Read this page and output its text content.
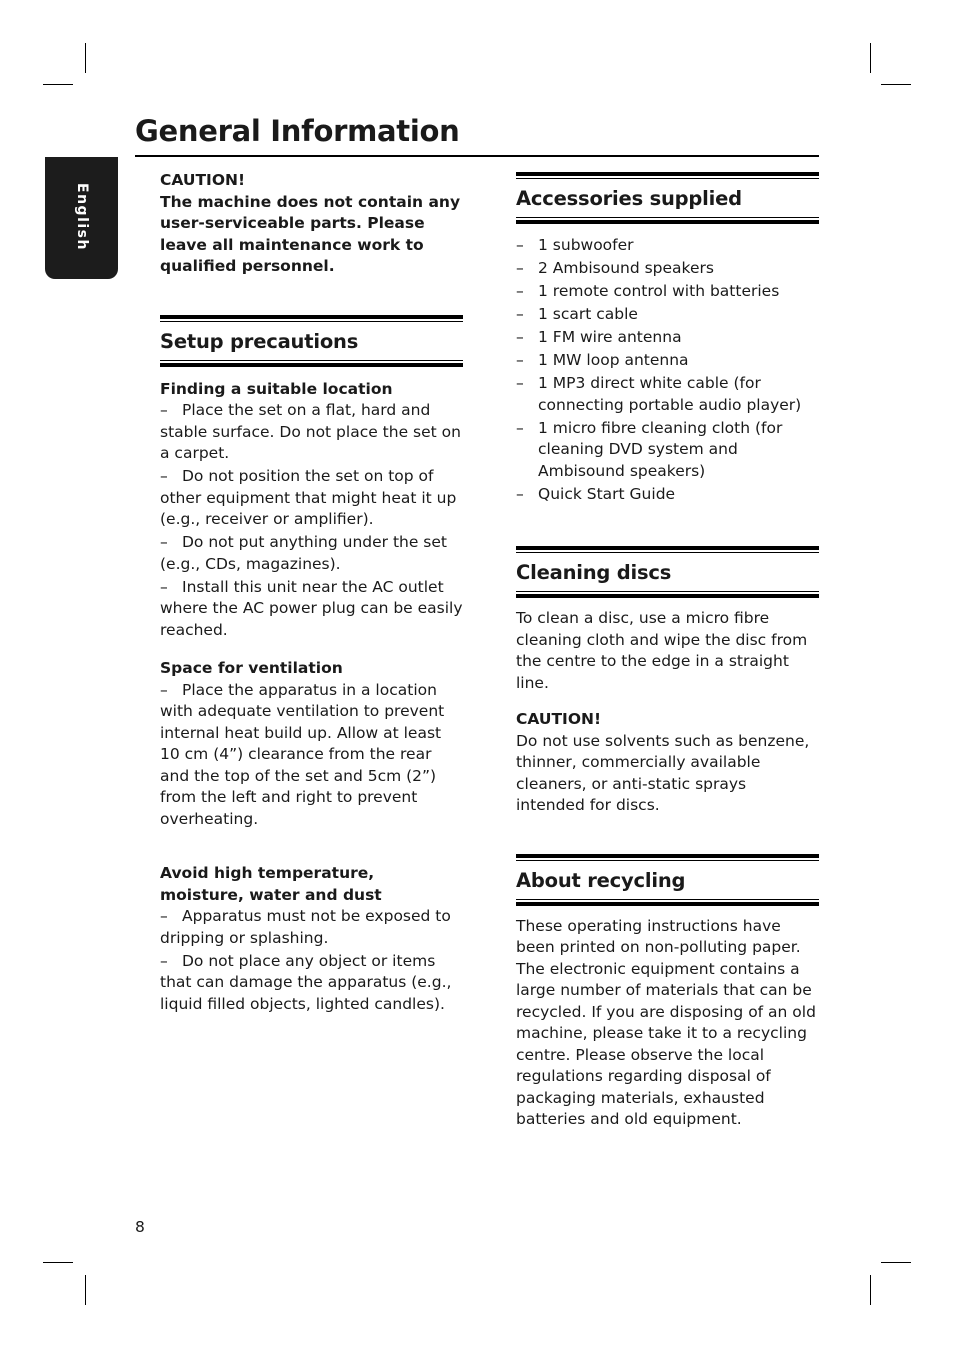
General Information
English

CAUTION!

The machine does not contain any user-serviceable parts. Please leave all maintenance work to qualified personnel.

Setup precautions

Finding a suitable location

– Place the set on a flat, hard and stable surface. Do not place the set on a carpet.

– Do not position the set on top of other equipment that might heat it up (e.g., receiver or amplifier).

– Do not put anything under the set (e.g., CDs, magazines).

– Install this unit near the AC outlet where the AC power plug can be easily reached.

Space for ventilation

– Place the apparatus in a location with adequate ventilation to prevent internal heat build up. Allow at least 10 cm (4”) clearance from the rear and the top of the set and 5cm (2”) from the left and right to prevent overheating.

Avoid high temperature, moisture, water and dust

– Apparatus must not be exposed to dripping or splashing.

– Do not place any object or items that can damage the apparatus (e.g., liquid filled objects, lighted candles).

Accessories supplied
– 1 subwoofer
– 2 Ambisound speakers
– 1 remote control with batteries
– 1 scart cable
– 1 FM wire antenna
– 1 MW loop antenna
– 1 MP3 direct white cable (for connecting portable audio player)
– 1 micro fibre cleaning cloth (for cleaning DVD system and Ambisound speakers)
– Quick Start Guide
Cleaning discs

To clean a disc, use a micro fibre cleaning cloth and wipe the disc from the centre to the edge in a straight line.

CAUTION!

Do not use solvents such as benzene, thinner, commercially available cleaners, or anti-static sprays intended for discs.

About recycling

These operating instructions have been printed on non-polluting paper. The electronic equipment contains a large number of materials that can be recycled. If you are disposing of an old machine, please take it to a recycling centre. Please observe the local regulations regarding disposal of packaging materials, exhausted batteries and old equipment.

8
